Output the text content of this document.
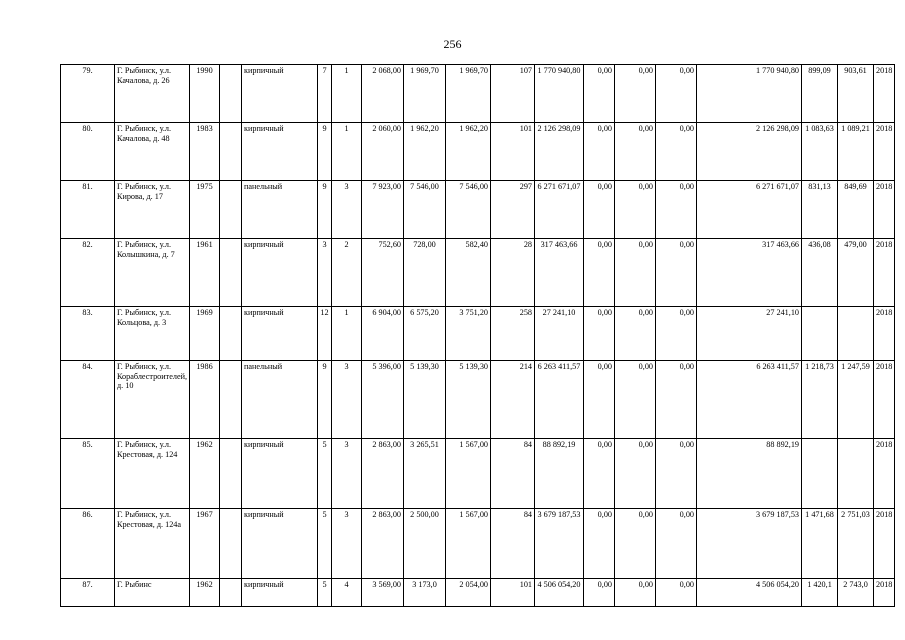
256
79.	Г. Рыбинск, у.л. Качалова, д. 26	1990		кирпичный	7	1	2 068,00	1 969,70	1 969,70	107	1 770 940,80	0,00	0,00	0,00	1 770 940,80	899,09	903,61	2018
80.	Г. Рыбинск, у.л. Качалова, д. 48	1983		кирпичный	9	1	2 060,00	1 962,20	1 962,20	101	2 126 298,09	0,00	0,00	0,00	2 126 298,09	1 083,63	1 089,21	2018
81.	Г. Рыбинск, у.л. Кирова, д. 17	1975		панельный	9	3	7 923,00	7 546,00	7 546,00	297	6 271 671,07	0,00	0,00	0,00	6 271 671,07	831,13	849,69	2018
82.	Г. Рыбинск, у.л. Колышкина, д. 7	1961		кирпичный	3	2	752,60	728,00	582,40	28	317 463,66	0,00	0,00	0,00	317 463,66	436,08	479,00	2018
83.	Г. Рыбинск, у.л. Кольцова, д. 3	1969		кирпичный	12	1	6 904,00	6 575,20	3 751,20	258	27 241,10	0,00	0,00	0,00	27 241,10			2018
84.	Г. Рыбинск, у.л. Кораблестроителей, д. 10	1986		панельный	9	3	5 396,00	5 139,30	5 139,30	214	6 263 411,57	0,00	0,00	0,00	6 263 411,57	1 218,73	1 247,59	2018
85.	Г. Рыбинск, у.л. Крестовая, д. 124	1962		кирпичный	5	3	2 863,00	3 265,51	1 567,00	84	88 892,19	0,00	0,00	0,00	88 892,19			2018
86.	Г. Рыбинск, у.л. Крестовая, д. 124а	1967		кирпичный	5	3	2 863,00	2 500,00	1 567,00	84	3 679 187,53	0,00	0,00	0,00	3 679 187,53	1 471,68	2 751,03	2018
87.	Г. Рыбинс	1962		кирпичный	5	4	3 569,00	3 173,0	2 054,00	101	4 506 054,20	0,00	0,00	0,00	4 506 054,20	1 420,1	2 743,0	2018
